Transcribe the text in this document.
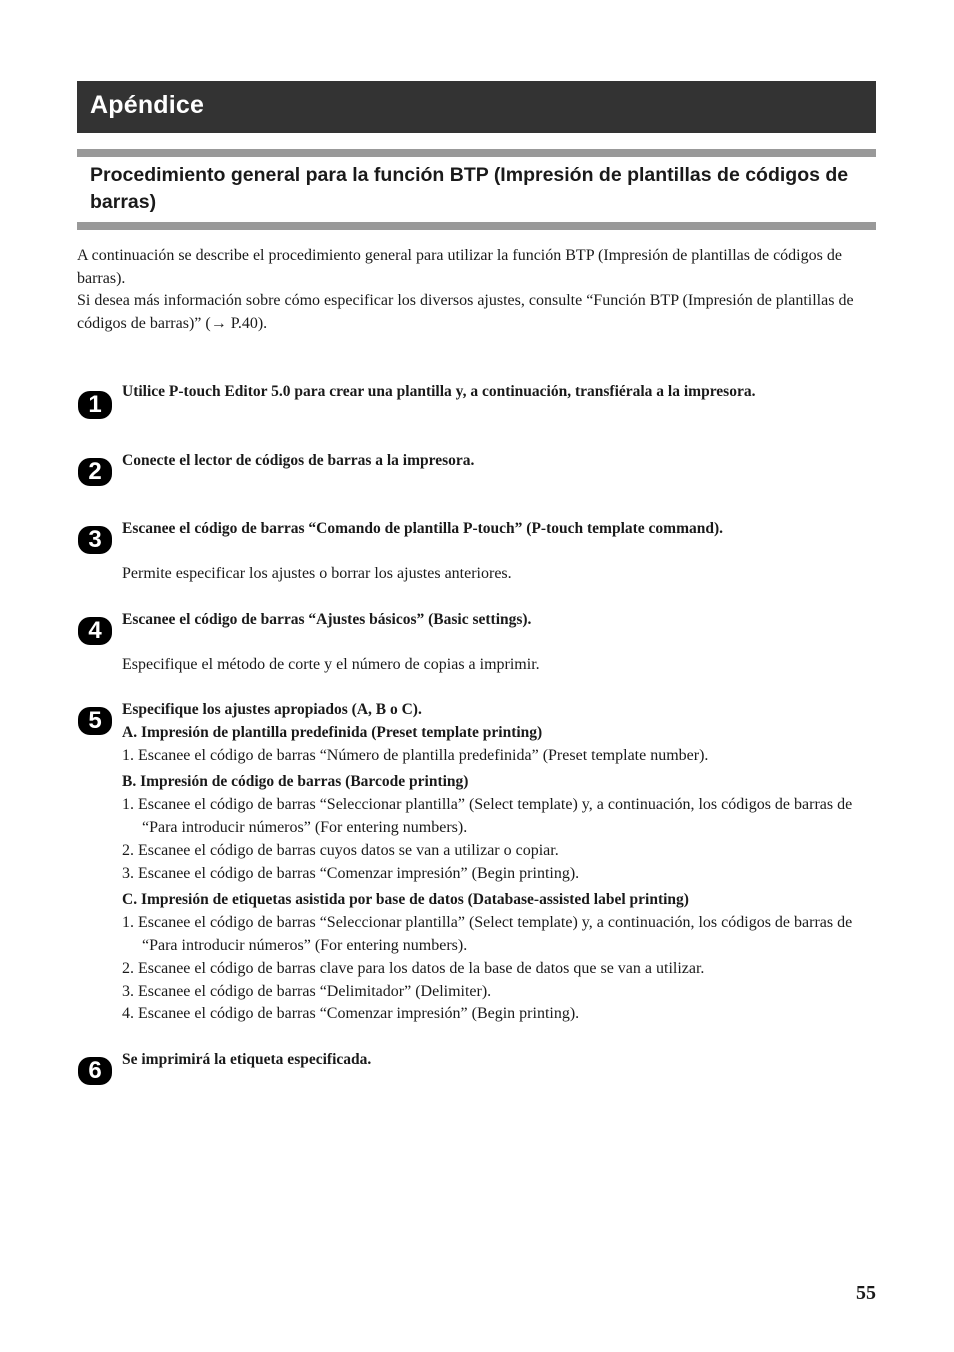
Apéndice
Procedimiento general para la función BTP (Impresión de plantillas de códigos de barras)

A continuación se describe el procedimiento general para utilizar la función BTP (Impresión de plantillas de códigos de barras).

Si desea más información sobre cómo especificar los diversos ajustes, consulte “Función BTP (Impresión de plantillas de códigos de barras)” (→ P.40).

1	Utilice P-touch Editor 5.0 para crear una plantilla y, a continuación, transfiérala a la impresora.
2	Conecte el lector de códigos de barras a la impresora.
3	Escanee el código de barras “Comando de plantilla P-touch” (P-touch template command).
Permite especificar los ajustes o borrar los ajustes anteriores.
4	Escanee el código de barras “Ajustes básicos” (Basic settings).
Especifique el método de corte y el número de copias a imprimir.
5	Especifique los ajustes apropiados (A, B o C).
A. Impresión de plantilla predefinida (Preset template printing)
1. Escanee el código de barras “Número de plantilla predefinida” (Preset template number).
B. Impresión de código de barras (Barcode printing)
1. Escanee el código de barras “Seleccionar plantilla” (Select template) y, a continuación, los códigos de barras de “Para introducir números” (For entering numbers).
2. Escanee el código de barras cuyos datos se van a utilizar o copiar.
3. Escanee el código de barras “Comenzar impresión” (Begin printing).
C. Impresión de etiquetas asistida por base de datos (Database-assisted label printing)
1. Escanee el código de barras “Seleccionar plantilla” (Select template) y, a continuación, los códigos de barras de “Para introducir números” (For entering numbers).
2. Escanee el código de barras clave para los datos de la base de datos que se van a utilizar.
3. Escanee el código de barras “Delimitador” (Delimiter).
4. Escanee el código de barras “Comenzar impresión” (Begin printing).
6	Se imprimirá la etiqueta especificada.
55
